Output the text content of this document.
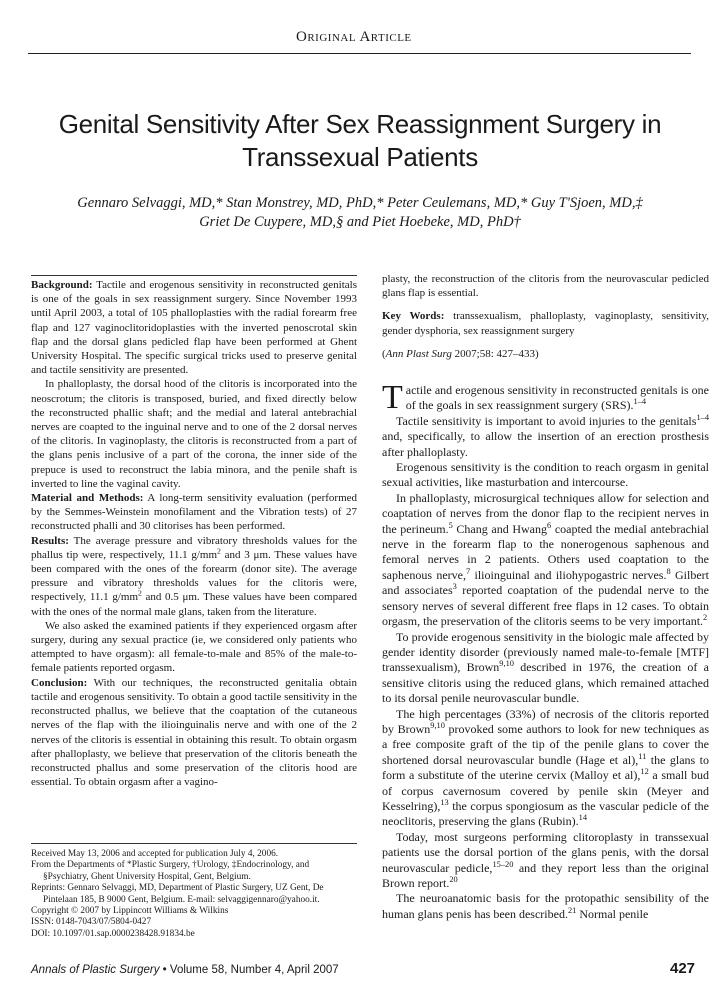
Original Article
Genital Sensitivity After Sex Reassignment Surgery in Transsexual Patients
Gennaro Selvaggi, MD,* Stan Monstrey, MD, PhD,* Peter Ceulemans, MD,* Guy T'Sjoen, MD,‡
Griet De Cuypere, MD,§ and Piet Hoebeke, MD, PhD†

Background: Tactile and erogenous sensitivity in reconstructed genitals is one of the goals in sex reassignment surgery. Since November 1993 until April 2003, a total of 105 phalloplasties with the radial forearm free flap and 127 vaginoclitoridoplasties with the inverted penoscrotal skin flap and the dorsal glans pedicled flap have been performed at Ghent University Hospital. The specific surgical tricks used to preserve genital and tactile sensitivity are presented.

In phalloplasty, the dorsal hood of the clitoris is incorporated into the neoscrotum; the clitoris is transposed, buried, and fixed directly below the reconstructed phallic shaft; and the medial and lateral antebrachial nerves are coapted to the inguinal nerve and to one of the 2 dorsal nerves of the clitoris. In vaginoplasty, the clitoris is reconstructed from a part of the glans penis inclusive of a part of the corona, the inner side of the prepuce is used to reconstruct the labia minora, and the penile shaft is inverted to line the vaginal cavity.

Material and Methods: A long-term sensitivity evaluation (performed by the Semmes-Weinstein monofilament and the Vibration tests) of 27 reconstructed phalli and 30 clitorises has been performed.

Results: The average pressure and vibratory thresholds values for the phallus tip were, respectively, 11.1 $g/mm^2$ and 3 μm. These values have been compared with the ones of the forearm (donor site). The average pressure and vibratory thresholds values for the clitoris were, respectively, 11.1 $g/mm^2$ and 0.5 μm. These values have been compared with the ones of the normal male glans, taken from the literature.

We also asked the examined patients if they experienced orgasm after surgery, during any sexual practice (ie, we considered only patients who attempted to have orgasm): all female-to-male and 85% of the male-to-female patients reported orgasm.

Conclusion: With our techniques, the reconstructed genitalia obtain tactile and erogenous sensitivity. To obtain a good tactile sensitivity in the reconstructed phallus, we believe that the coaptation of the cutaneous nerves of the flap with the ilioinguinalis nerve and with one of the 2 nerves of the clitoris is essential in obtaining this result. To obtain orgasm after phalloplasty, we believe that preservation of the clitoris beneath the reconstructed phallus and some preservation of the clitoris hood are essential. To obtain orgasm after a vagino-

Received May 13, 2006 and accepted for publication July 4, 2006.
From the Departments of *Plastic Surgery, †Urology, ‡Endocrinology, and §Psychiatry, Ghent University Hospital, Gent, Belgium.
Reprints: Gennaro Selvaggi, MD, Department of Plastic Surgery, UZ Gent, De Pintelaan 185, B 9000 Gent, Belgium. E-mail: selvaggigennaro@yahoo.it.
Copyright © 2007 by Lippincott Williams & Wilkins
ISSN: 0148-7043/07/5804-0427
DOI: 10.1097/01.sap.0000238428.91834.be

plasty, the reconstruction of the clitoris from the neurovascular pedicled glans flap is essential.

Key Words: transsexualism, phalloplasty, vaginoplasty, sensitivity, gender dysphoria, sex reassignment surgery

(Ann Plast Surg 2007;58: 427–433)

Tactile and erogenous sensitivity in reconstructed genitals is one of the goals in sex reassignment surgery (SRS).$^{1-4}$

Tactile sensitivity is important to avoid injuries to the genitals$^{1-4}$ and, specifically, to allow the insertion of an erection prosthesis after phalloplasty.

Erogenous sensitivity is the condition to reach orgasm in genital sexual activities, like masturbation and intercourse.

In phalloplasty, microsurgical techniques allow for selection and coaptation of nerves from the donor flap to the recipient nerves in the perineum.$^5$ Chang and Hwang$^6$ coapted the medial antebrachial nerve in the forearm flap to the nonerogenous saphenous and femoral nerves in 2 patients. Others used coaptation to the saphenous nerve,$^7$ ilioinguinal and iliohypogastric nerves.$^8$ Gilbert and associates$^3$ reported coaptation of the pudendal nerve to the sensory nerves of several different free flaps in 12 cases. To obtain orgasm, the preservation of the clitoris seems to be very important.$^2$

To provide erogenous sensitivity in the biologic male affected by gender identity disorder (previously named male-to-female [MTF] transsexualism), Brown$^{9,10}$ described in 1976, the creation of a sensitive clitoris using the reduced glans, which remained attached to its dorsal penile neurovascular bundle.

The high percentages (33%) of necrosis of the clitoris reported by Brown$^{9,10}$ provoked some authors to look for new techniques as a free composite graft of the tip of the penile glans to cover the shortened dorsal neurovascular bundle (Hage et al),$^{11}$ the glans to form a substitute of the uterine cervix (Malloy et al),$^{12}$ a small bud of corpus cavernosum covered by penile skin (Meyer and Kesselring),$^{13}$ the corpus spongiosum as the vascular pedicle of the neoclitoris, preserving the glans (Rubin).$^{14}$

Today, most surgeons performing clitoroplasty in transsexual patients use the dorsal portion of the glans penis, with the dorsal neurovascular pedicle,$^{15-20}$ and they report less than the original Brown report.$^{20}$

The neuroanatomic basis for the protopathic sensibility of the human glans penis has been described.$^{21}$ Normal penile

Annals of Plastic Surgery • Volume 58, Number 4, April 2007	427
